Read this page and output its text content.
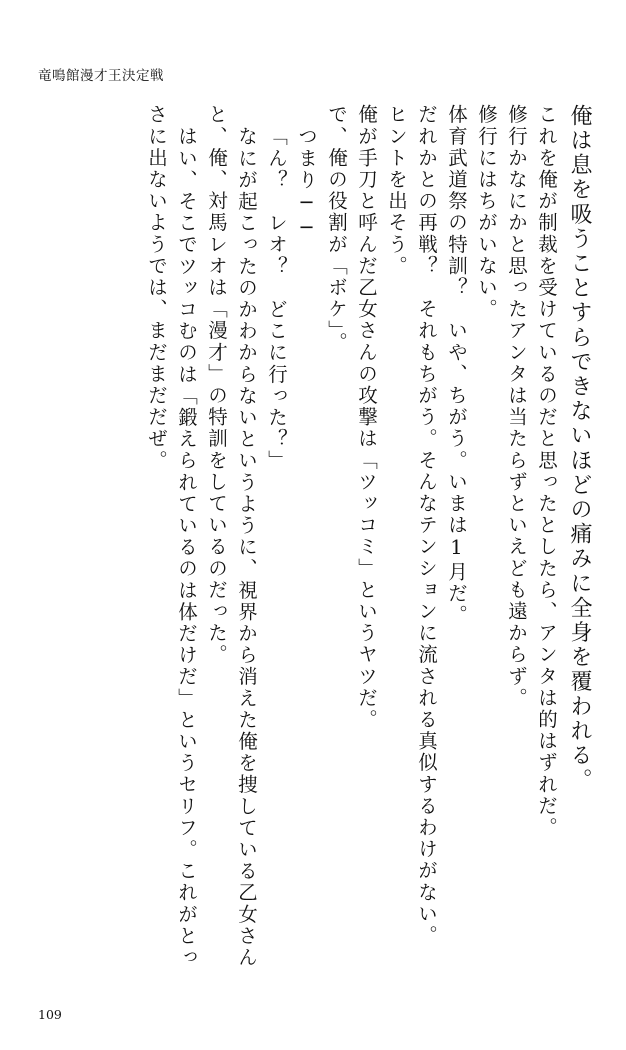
竜鳴館漫才王決定戦
俺は息を吸うことすらできないほどの痛みに全身を覆われる。
これを俺が制裁を受けているのだと思ったとしたら、アンタは的はずれだ。
修行かなにかと思ったアンタは当たらずといえども遠からず。
修行にはちがいない。
体育武道祭の特訓？　いや、ちがう。いまは1月だ。
だれかとの再戦？　それもちがう。そんなテンションに流される真似するわけがない。
ヒントを出そう。
俺が手刀と呼んだ乙女さんの攻撃は「ツッコミ」というヤツだ。
で、俺の役割が「ボケ」。
つまり──
「ん？　レオ？　どこに行った？」
なにが起こったのかわからないというように、視界から消えた俺を捜している乙女さん
と、俺、対馬レオは「漫才」の特訓をしているのだった。
はい、そこでツッコむのは「鍛えられているのは体だけだ」というセリフ。これがとっ
さに出ないようでは、まだまだだぜ。
109
